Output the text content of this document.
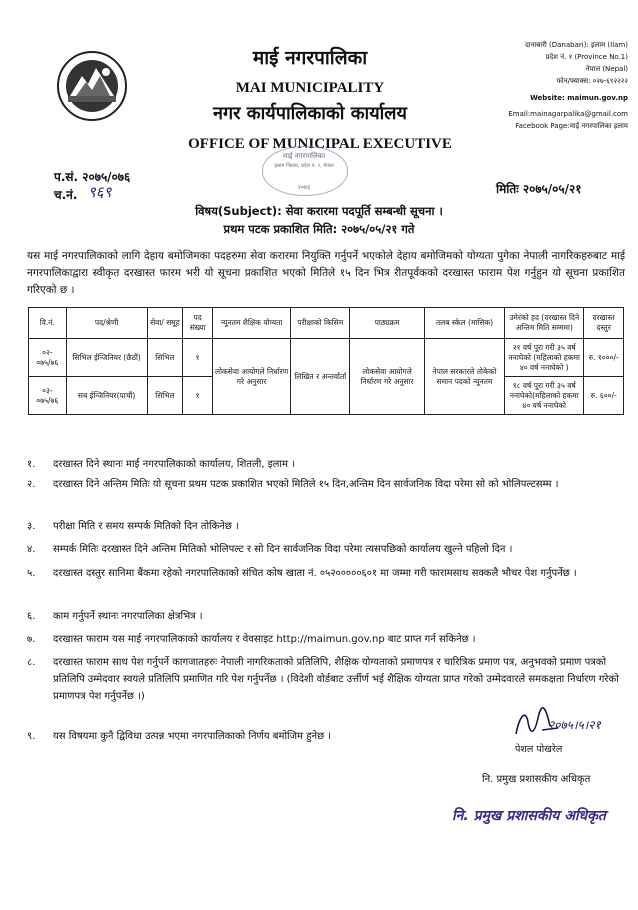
माई नगरपालिका
MAI MUNICIPALITY
नगर कार्यपालिकाको कार्यालय
OFFICE OF MUNICIPAL EXECUTIVE
दानाबारी (Danabari): इलाम (Ilam)
प्रदेश नं. १ (Province No.1)
नेपाल (Nepal)
फोन/फ्याक्स: ०२७-६९२२२२
Website: maimun.gov.np
Email:mainagarpalika@gmail.com
Facebook Page:माई नगरपालिका इलाम
प.सं. २०७५/०७६
च.नं. ९६९	मितिः २०७५/०५/२१
माई नगरपालिका
इलाम जिल्ला, प्रदेश नं. १, नेपाल
२०७३
विषय(Subject): सेवा करारमा पदपूर्ति सम्बन्धी सूचना ।
प्रथम पटक प्रकाशित मिति: २०७५/०५/२१ गते
यस माई नगरपालिकाको लागि देहाय बमोजिमका पदहरुमा सेवा करारमा नियुक्ति गर्नुपर्ने भएकोले देहाय बमोजिमको योग्यता पुगेका नेपाली नागरिकहरुबाट माई नगरपालिकाद्वारा स्वीकृत दरखास्त फारम भरी यो सूचना प्रकाशित भएको मितिले १५ दिन भित्र रीतपूर्वकको दरखास्त फाराम पेश गर्नुहुन यो सूचना प्रकाशित गरिएको छ ।
वि.नं.	पद/श्रेणी	सेवा/ समूह	पद संख्या	न्यूनतम शैक्षिक योग्यता	परीक्षाको किसिम	पाठ्यक्रम	तलब स्केल (मासिक)	उमेरको हद (दरखास्त दिने अन्तिम मिति सम्ममा)	दरखास्त दस्तुर
०२- ०७५/७६	सिभिल ईन्जिनियर (छैठौं)	सिभिल	१	लोकसेवा आयोगले निर्धारण गरे अनुसार	लिखित र अन्तर्वार्ता	लोकसेवा आयोगले निर्धारण गरे अनुसार	नेपाल सरकारले तोकेको समान पदको न्यूनतम	२१ वर्ष पूरा गरी ३५ वर्ष ननाघेको (महिलाको हकमा ४० वर्ष ननाघेको )	रु. १०००/-
०३- ०७५/७६	सब ईन्जिनियर(पाचौं)	सिभिल	१					१८ वर्ष पूरा गरी ३५ वर्ष ननाघेको(महिलाको हकमा ४० वर्ष ननाघेको	रु. ६००/-
१.	दरखास्त दिने स्थानः माई नगरपालिकाको कार्यालय, शितली, इलाम ।
२.	दरखास्त दिने अन्तिम मितिः यो सूचना प्रथम पटक प्रकाशित भएको मितिले १५ दिन,अन्तिम दिन सार्वजनिक विदा परेमा सो को भोलिपल्टसम्म ।
३.	परीक्षा मिति र समय सम्पर्क मितिको दिन तोकिनेछ ।
४.	सम्पर्क मितिः दरखास्त दिने अन्तिम मितिको भोलिपल्ट र सो दिन सार्वजनिक विदा परेमा त्यसपछिको कार्यालय खुल्ने पहिलो दिन ।
५.	दरखास्त दस्तुर सानिमा बैंकमा रहेको नगरपालिकाको संचित कोष खाता नं. ०५२०००००६०१ मा जम्मा गरी फारामसाथ सक्कलै भौचर पेश गर्नुपर्नेछ ।
६.	काम गर्नुपर्ने स्थानः नगरपालिका क्षेत्रभित्र ।
७.	दरखास्त फाराम यस माई नगरपालिकाको कार्यालय र वेवसाइट http://maimun.gov.np बाट प्राप्त गर्न सकिनेछ ।
८.	दरखास्त फाराम साथ पेश गर्नुपर्ने कागजातहरुः नेपाली नागरिकताको प्रतिलिपि, शैक्षिक योग्यताको प्रमाणपत्र र चारित्रिक प्रमाण पत्र, अनुभवको प्रमाण पत्रको प्रतिलिपि उम्मेदवार स्वयले प्रतिलिपि प्रमाणित गरि पेश गर्नुपर्नेछ । (विदेशी वोर्डबाट उर्त्तीर्ण भई शैक्षिक योग्यता प्राप्त गरेको उम्मेदवारले समकक्षता निर्धारण गरेको प्रमाणपत्र पेश गर्नुपर्नेछ ।)
९.	यस विषयमा कुनै द्विविधा उत्पन्न भएमा नगरपालिकाको निर्णय बमोजिम हुनेछ ।
२०७५।५।२१
पेशल पोखरेल
नि. प्रमुख प्रशासकीय अधिकृत
नि. प्रमुख प्रशासकीय अधिकृत
